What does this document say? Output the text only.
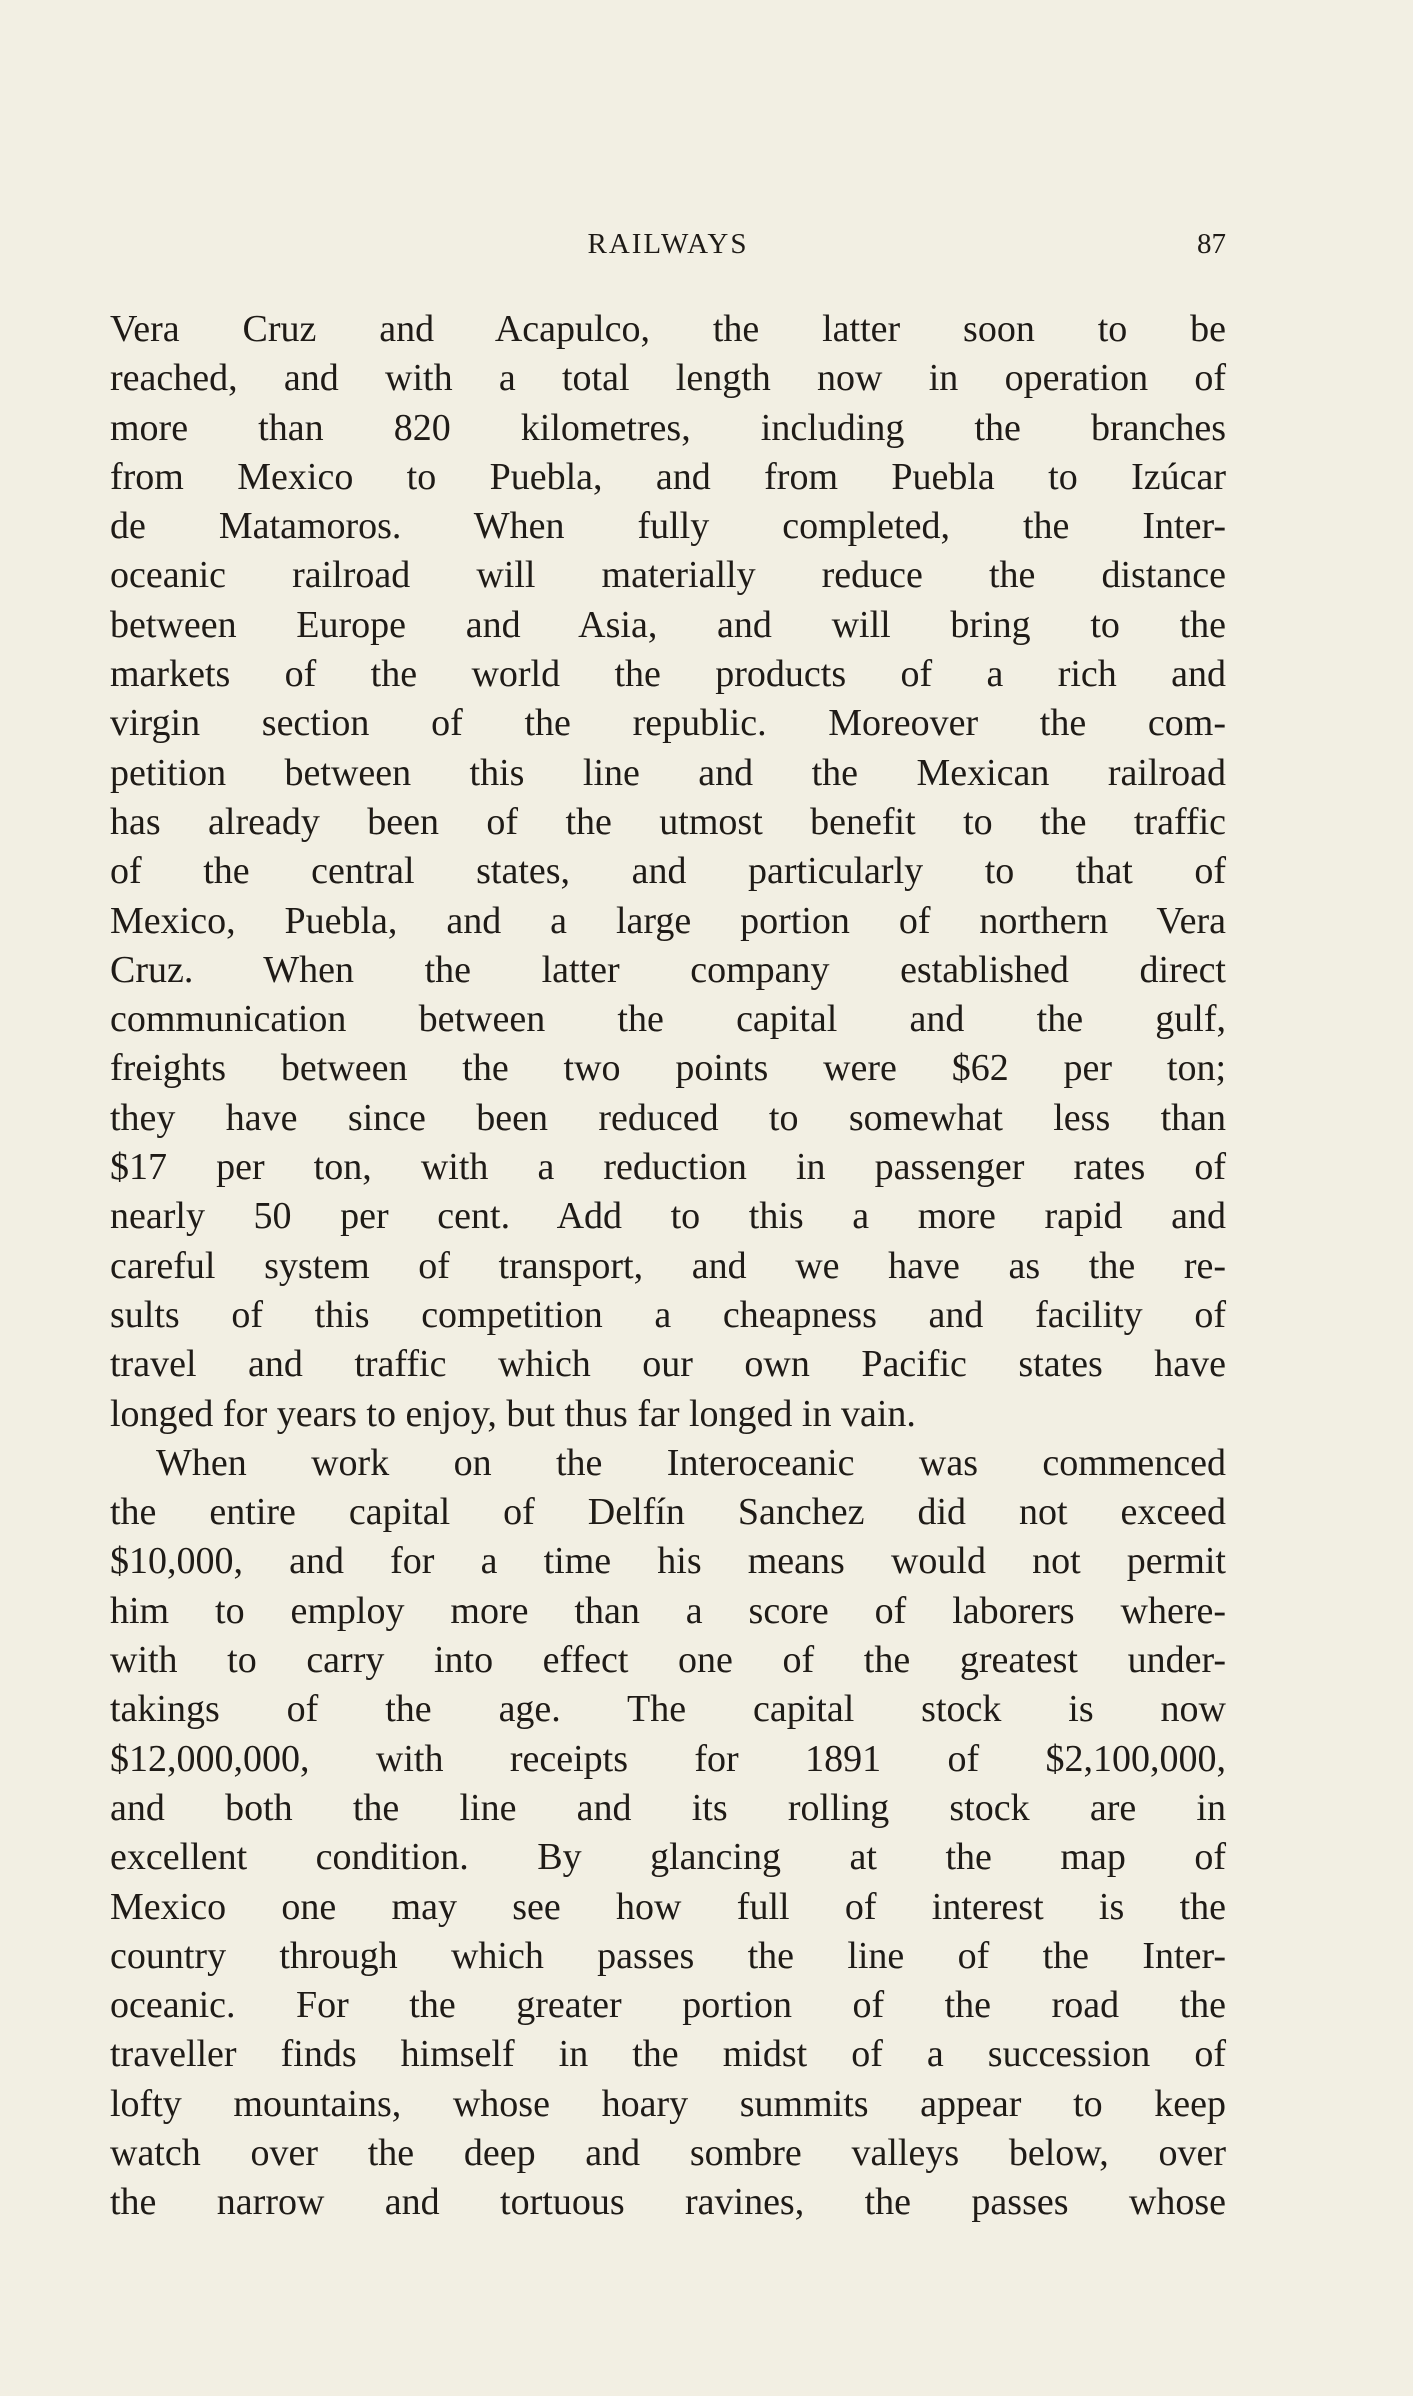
RAILWAYS	87
Vera Cruz and Acapulco, the latter soon to be
reached, and with a total length now in operation of
more than 820 kilometres, including the branches
from Mexico to Puebla, and from Puebla to Izúcar
de Matamoros. When fully completed, the Inter-
oceanic railroad will materially reduce the distance
between Europe and Asia, and will bring to the
markets of the world the products of a rich and
virgin section of the republic. Moreover the com-
petition between this line and the Mexican railroad
has already been of the utmost benefit to the traffic
of the central states, and particularly to that of
Mexico, Puebla, and a large portion of northern Vera
Cruz. When the latter company established direct
communication between the capital and the gulf,
freights between the two points were $62 per ton;
they have since been reduced to somewhat less than
$17 per ton, with a reduction in passenger rates of
nearly 50 per cent. Add to this a more rapid and
careful system of transport, and we have as the re-
sults of this competition a cheapness and facility of
travel and traffic which our own Pacific states have
longed for years to enjoy, but thus far longed in vain.
When work on the Interoceanic was commenced
the entire capital of Delfín Sanchez did not exceed
$10,000, and for a time his means would not permit
him to employ more than a score of laborers where-
with to carry into effect one of the greatest under-
takings of the age. The capital stock is now
$12,000,000, with receipts for 1891 of $2,100,000,
and both the line and its rolling stock are in
excellent condition. By glancing at the map of
Mexico one may see how full of interest is the
country through which passes the line of the Inter-
oceanic. For the greater portion of the road the
traveller finds himself in the midst of a succession of
lofty mountains, whose hoary summits appear to keep
watch over the deep and sombre valleys below, over
the narrow and tortuous ravines, the passes whose
